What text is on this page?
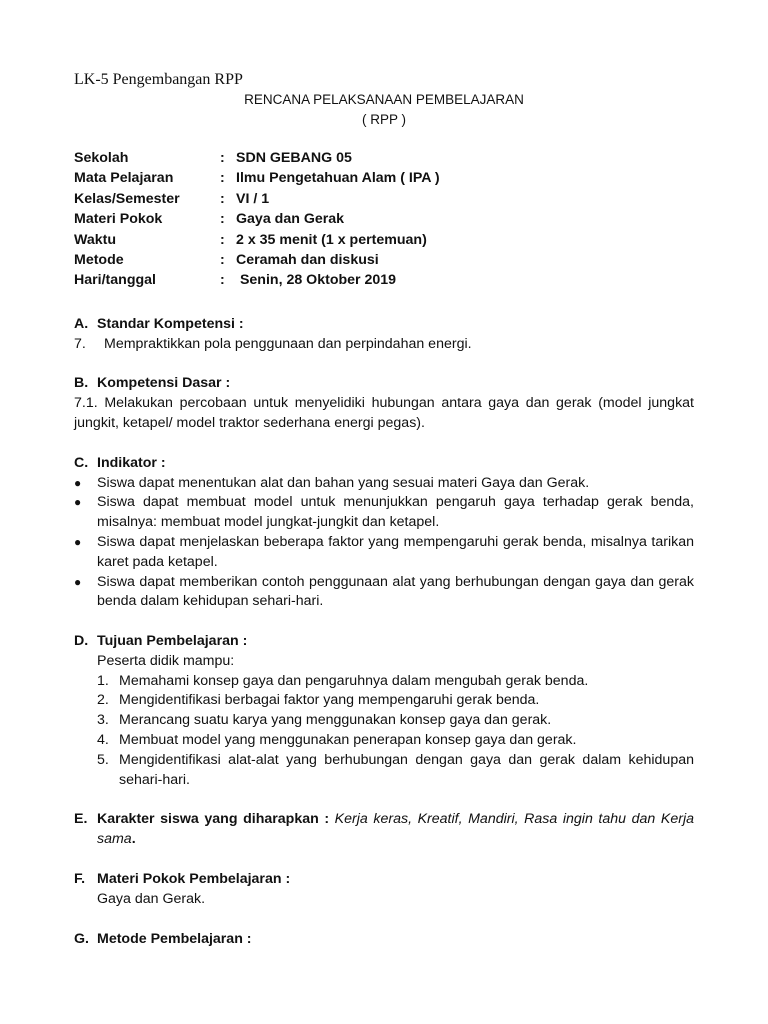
LK-5 Pengembangan RPP

RENCANA PELAKSANAAN PEMBELAJARAN

( RPP )

Sekolah	: SDN GEBANG 05
Mata Pelajaran	: Ilmu Pengetahuan Alam ( IPA )
Kelas/Semester	: VI / 1
Materi Pokok	: Gaya dan Gerak
Waktu	: 2 x 35 menit (1 x pertemuan)
Metode	: Ceramah dan diskusi
Hari/tanggal	: Senin, 28 Oktober 2019
A. Standar Kompetensi :
7.	Mempraktikkan pola penggunaan dan perpindahan energi.
B. Kompetensi Dasar :

7.1. Melakukan percobaan untuk menyelidiki hubungan antara gaya dan gerak (model jungkat jungkit, ketapel/ model traktor sederhana energi pegas).

C. Indikator :
●	Siswa dapat menentukan alat dan bahan yang sesuai materi Gaya dan Gerak.
●	Siswa dapat membuat model untuk menunjukkan pengaruh gaya terhadap gerak benda, misalnya: membuat model jungkat-jungkit dan ketapel.
●	Siswa dapat menjelaskan beberapa faktor yang mempengaruhi gerak benda, misalnya tarikan karet pada ketapel.
●	Siswa dapat memberikan contoh penggunaan alat yang berhubungan dengan gaya dan gerak benda dalam kehidupan sehari-hari.
D. Tujuan Pembelajaran :

Peserta didik mampu:

1. Memahami konsep gaya dan pengaruhnya dalam mengubah gerak benda.
2. Mengidentifikasi berbagai faktor yang mempengaruhi gerak benda.
3. Merancang suatu karya yang menggunakan konsep gaya dan gerak.
4. Membuat model yang menggunakan penerapan konsep gaya dan gerak.
5. Mengidentifikasi alat-alat yang berhubungan dengan gaya dan gerak dalam kehidupan sehari-hari.
E. Karakter siswa yang diharapkan : Kerja keras, Kreatif, Mandiri, Rasa ingin tahu dan Kerja sama.
F. Materi Pokok Pembelajaran :

Gaya dan Gerak.

G. Metode Pembelajaran :
